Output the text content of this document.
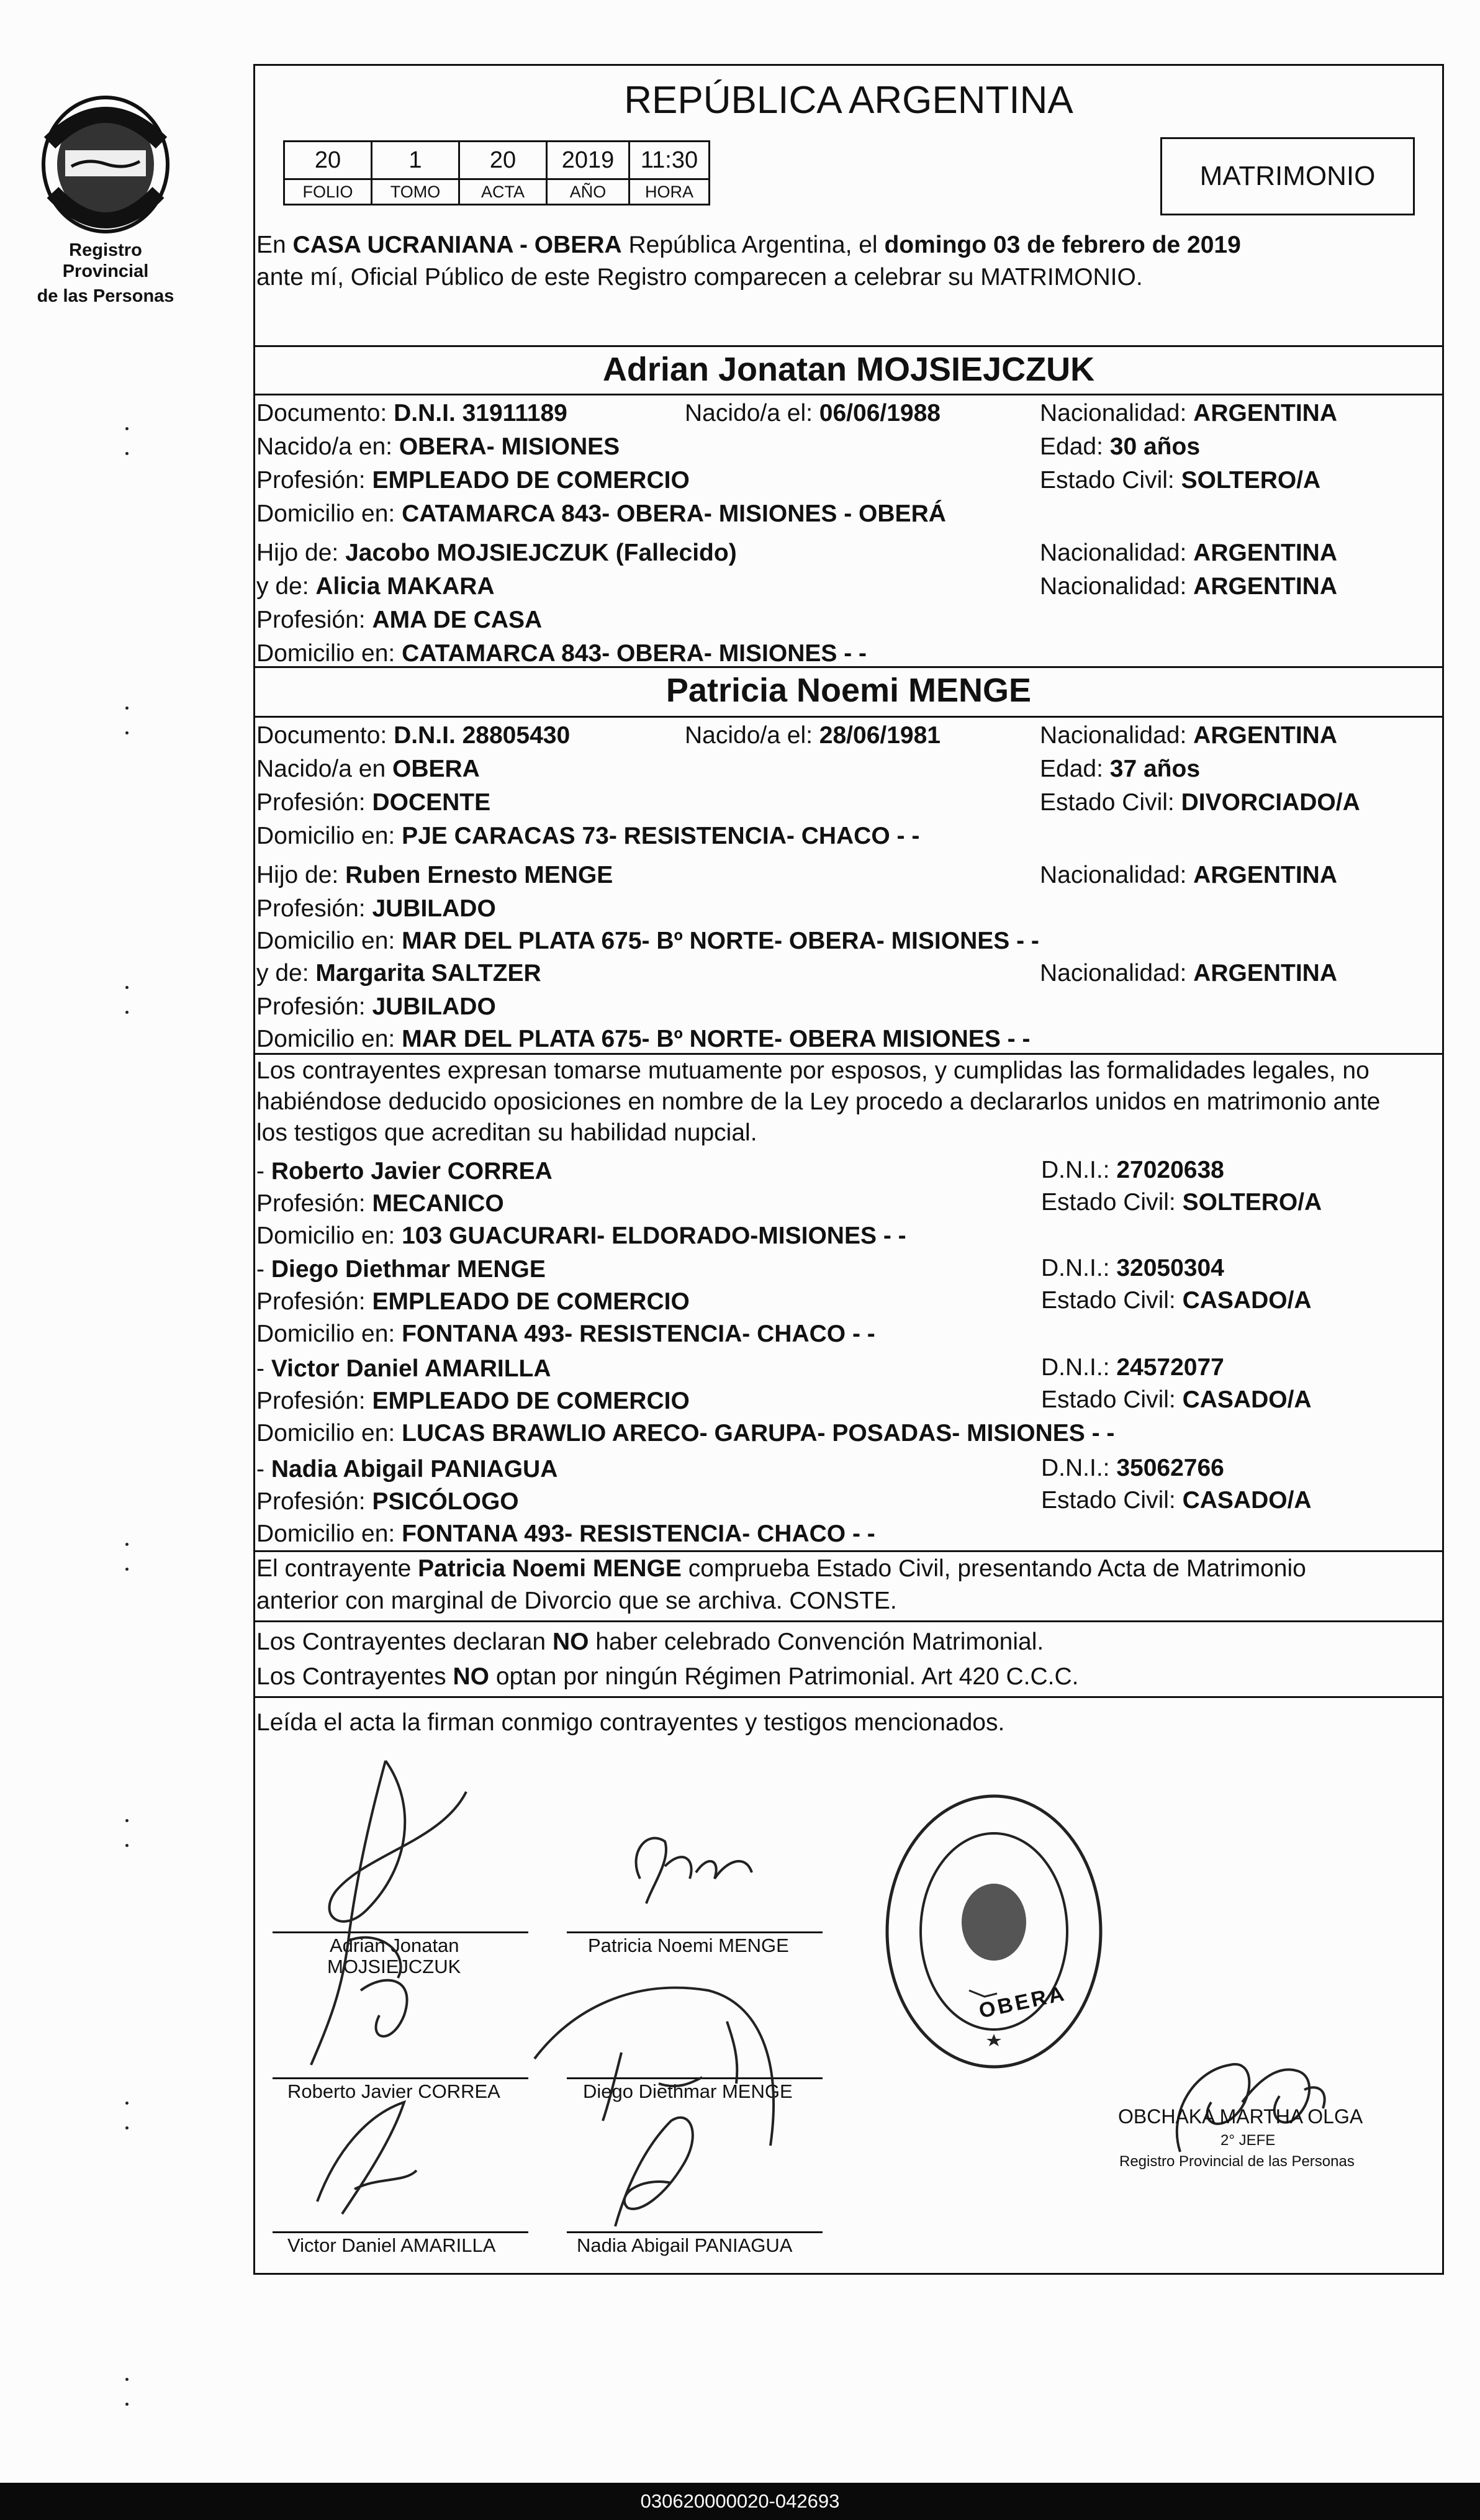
Registro Provincial
de las Personas
REPÚBLICA ARGENTINA
20	1	20	2019	11:30
FOLIO	TOMO	ACTA	AÑO	HORA
MATRIMONIO
En CASA UCRANIANA - OBERA República Argentina, el domingo 03 de febrero de 2019
ante mí, Oficial Público de este Registro comparecen a celebrar su MATRIMONIO.
Adrian Jonatan MOJSIEJCZUK
Documento: D.N.I. 31911189	Nacido/a el: 06/06/1988	Nacionalidad: ARGENTINA
Nacido/a en: OBERA- MISIONES	Edad: 30 años
Profesión: EMPLEADO DE COMERCIO	Estado Civil: SOLTERO/A
Domicilio en: CATAMARCA 843- OBERA- MISIONES - OBERÁ
Hijo de: Jacobo MOJSIEJCZUK (Fallecido)	Nacionalidad: ARGENTINA
y de: Alicia MAKARA	Nacionalidad: ARGENTINA
Profesión: AMA DE CASA
Domicilio en: CATAMARCA 843- OBERA- MISIONES - -
Patricia Noemi MENGE
Documento: D.N.I. 28805430	Nacido/a el: 28/06/1981	Nacionalidad: ARGENTINA
Nacido/a en OBERA	Edad: 37 años
Profesión: DOCENTE	Estado Civil: DIVORCIADO/A
Domicilio en: PJE CARACAS 73- RESISTENCIA- CHACO - -
Hijo de: Ruben Ernesto MENGE	Nacionalidad: ARGENTINA
Profesión: JUBILADO
Domicilio en: MAR DEL PLATA 675- Bº NORTE- OBERA- MISIONES - -
y de: Margarita SALTZER	Nacionalidad: ARGENTINA
Profesión: JUBILADO
Domicilio en: MAR DEL PLATA 675- Bº NORTE- OBERA MISIONES - -
Los contrayentes expresan tomarse mutuamente por esposos, y cumplidas las formalidades legales, no
habiéndose deducido oposiciones en nombre de la Ley procedo a declararlos unidos en matrimonio ante
los testigos que acreditan su habilidad nupcial.
- Roberto Javier CORREA	D.N.I.: 27020638
Profesión: MECANICO	Estado Civil: SOLTERO/A
Domicilio en: 103 GUACURARI- ELDORADO-MISIONES - -
- Diego Diethmar MENGE	D.N.I.: 32050304
Profesión: EMPLEADO DE COMERCIO	Estado Civil: CASADO/A
Domicilio en: FONTANA 493- RESISTENCIA- CHACO - -
- Victor Daniel AMARILLA	D.N.I.: 24572077
Profesión: EMPLEADO DE COMERCIO	Estado Civil: CASADO/A
Domicilio en: LUCAS BRAWLIO ARECO- GARUPA- POSADAS- MISIONES - -
- Nadia Abigail PANIAGUA	D.N.I.: 35062766
Profesión: PSICÓLOGO	Estado Civil: CASADO/A
Domicilio en: FONTANA 493- RESISTENCIA- CHACO - -
El contrayente Patricia Noemi MENGE comprueba Estado Civil, presentando Acta de Matrimonio
anterior con marginal de Divorcio que se archiva. CONSTE.
Los Contrayentes declaran NO haber celebrado Convención Matrimonial.
Los Contrayentes NO optan por ningún Régimen Patrimonial. Art 420 C.C.C.
Leída el acta la firman conmigo contrayentes y testigos mencionados.
Adrian Jonatan
MOJSIEJCZUK
Patricia Noemi MENGE
Roberto Javier CORREA	Diego Diethmar MENGE
Victor Daniel AMARILLA	Nadia Abigail PANIAGUA
OBERA
OBCHAKA MARTHA OLGA
2° JEFE
Registro Provincial de las Personas
030620000020-042693
